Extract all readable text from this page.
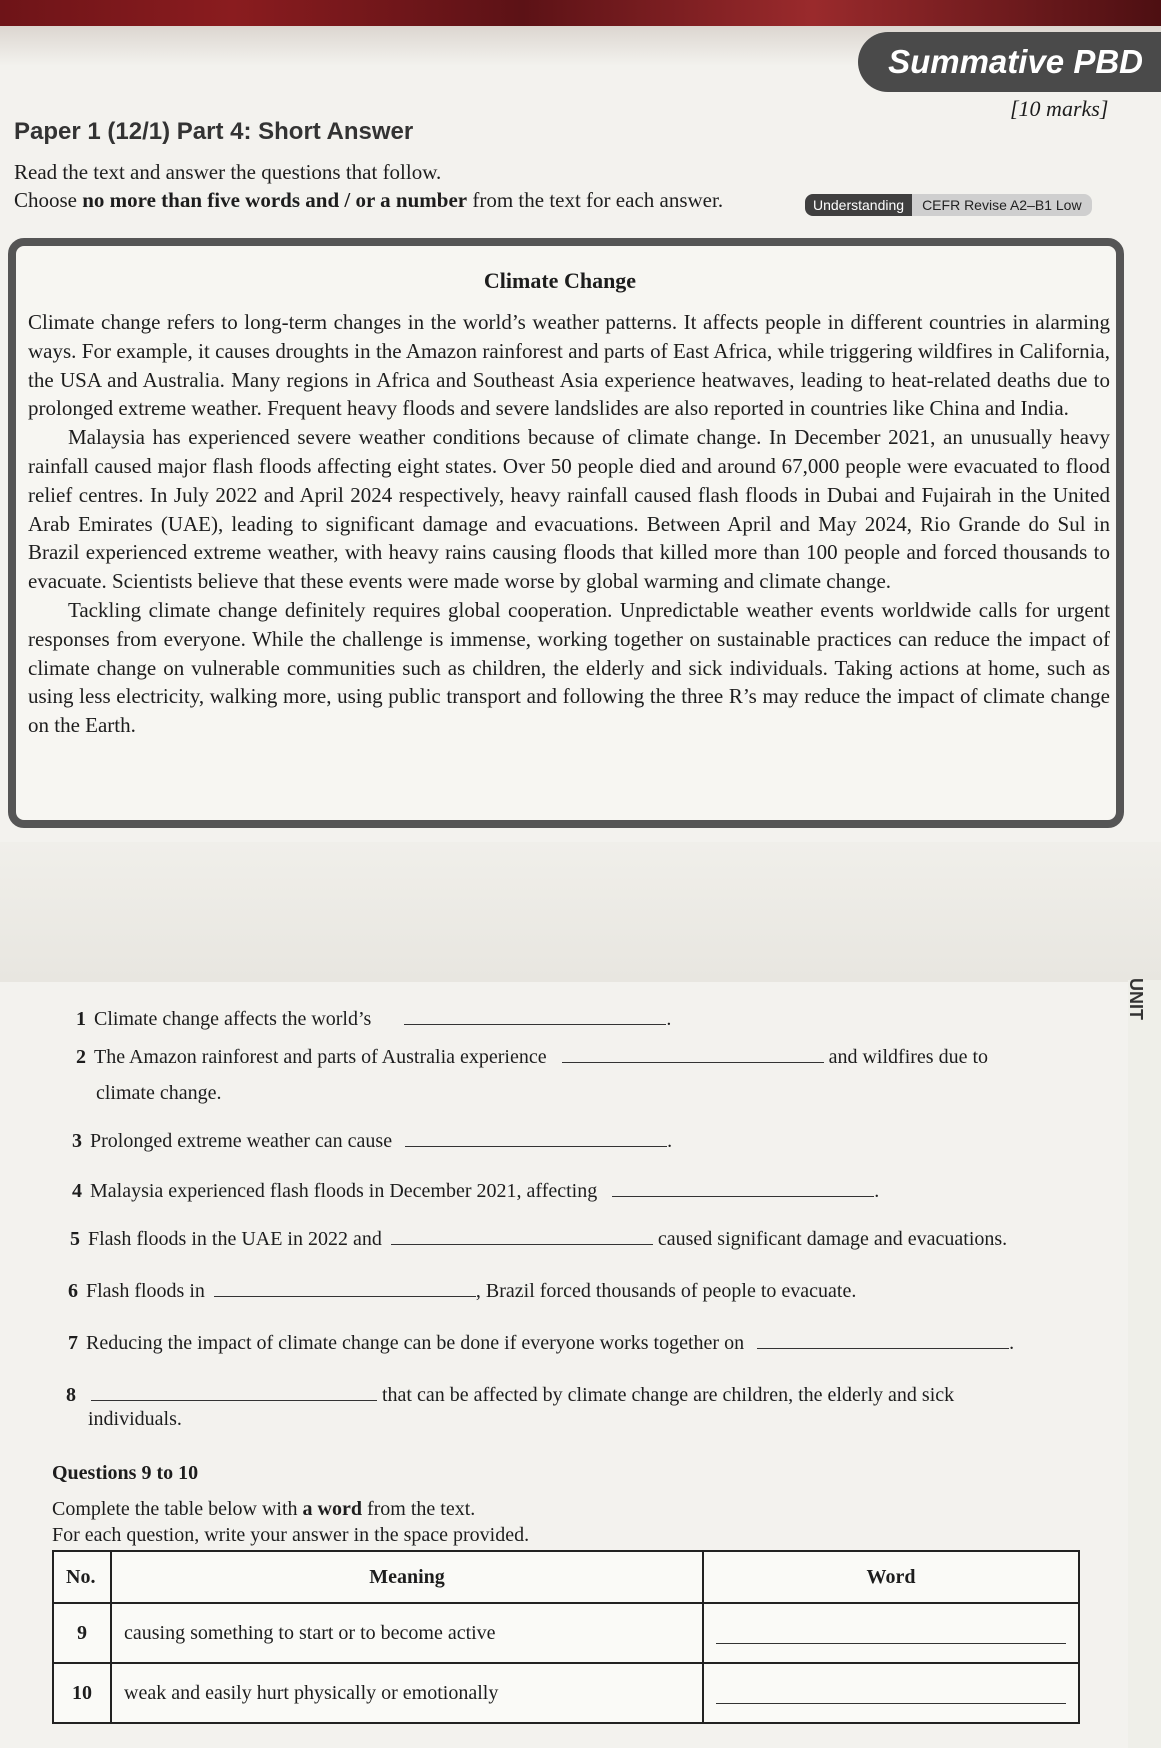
Summative PBD
[10 marks]
Paper 1 (12/1) Part 4: Short Answer
Read the text and answer the questions that follow.
Choose no more than five words and / or a number from the text for each answer.	Understanding	CEFR Revise A2–B1 Low
Climate Change

Climate change refers to long-term changes in the world’s weather patterns. It affects people in different countries in alarming ways. For example, it causes droughts in the Amazon rainforest and parts of East Africa, while triggering wildfires in California, the USA and Australia. Many regions in Africa and Southeast Asia experience heatwaves, leading to heat-related deaths due to prolonged extreme weather. Frequent heavy floods and severe landslides are also reported in countries like China and India.

Malaysia has experienced severe weather conditions because of climate change. In December 2021, an unusually heavy rainfall caused major flash floods affecting eight states. Over 50 people died and around 67,000 people were evacuated to flood relief centres. In July 2022 and April 2024 respectively, heavy rainfall caused flash floods in Dubai and Fujairah in the United Arab Emirates (UAE), leading to significant damage and evacuations. Between April and May 2024, Rio Grande do Sul in Brazil experienced extreme weather, with heavy rains causing floods that killed more than 100 people and forced thousands to evacuate. Scientists believe that these events were made worse by global warming and climate change.

Tackling climate change definitely requires global cooperation. Unpredictable weather events worldwide calls for urgent responses from everyone. While the challenge is immense, working together on sustainable practices can reduce the impact of climate change on vulnerable communities such as children, the elderly and sick individuals. Taking actions at home, such as using less electricity, walking more, using public transport and following the three R’s may reduce the impact of climate change on the Earth.

UNIT
1 Climate change affects the world’s	.
2 The Amazon rainforest and parts of Australia experience	and wildfires due to
climate change.
3 Prolonged extreme weather can cause	.
4 Malaysia experienced flash floods in December 2021, affecting	.
5 Flash floods in the UAE in 2022 and	caused significant damage and evacuations.
6 Flash floods in	, Brazil forced thousands of people to evacuate.
7 Reducing the impact of climate change can be done if everyone works together on	.
8	that can be affected by climate change are children, the elderly and sick
individuals.
Questions 9 to 10
Complete the table below with a word from the text.
For each question, write your answer in the space provided.
No.	Meaning	Word
9	causing something to start or to become active	

10	weak and easily hurt physically or emotionally	
